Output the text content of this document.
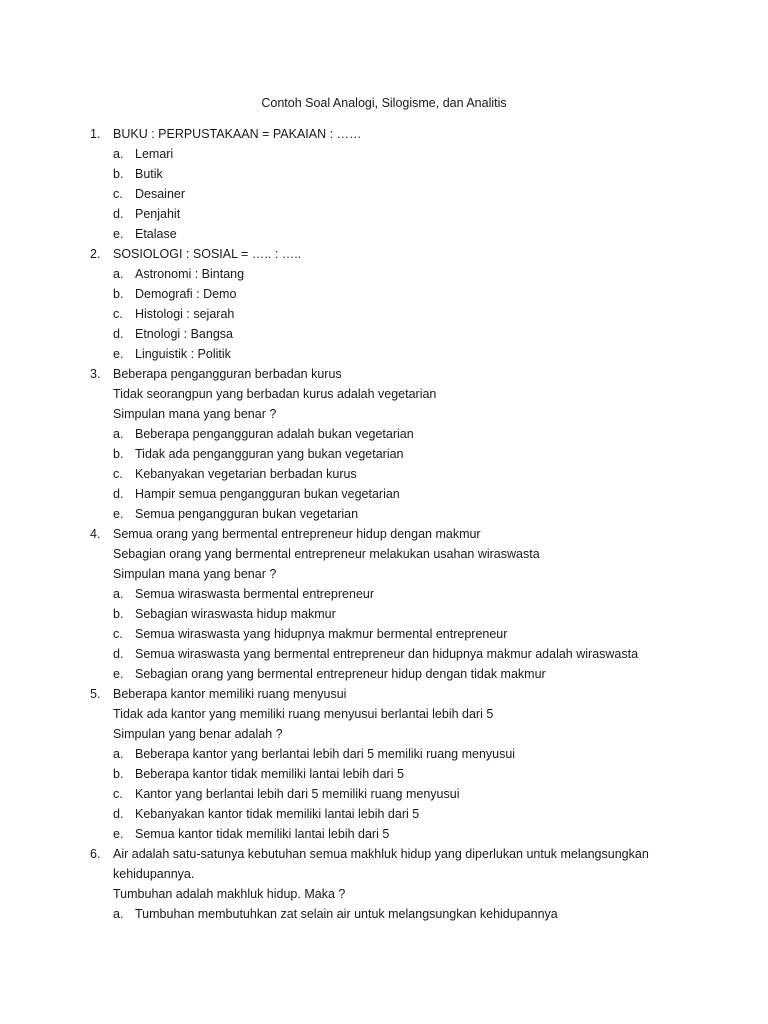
Contoh Soal Analogi, Silogisme, dan Analitis
1.	BUKU : PERPUSTAKAAN = PAKAIAN : ……
a. Lemari
b. Butik
c. Desainer
d. Penjahit
e. Etalase
2.	SOSIOLOGI : SOSIAL = ….. : …..
a. Astronomi : Bintang
b. Demografi : Demo
c. Histologi : sejarah
d. Etnologi : Bangsa
e. Linguistik : Politik
3.	Beberapa pengangguran berbadan kurus
Tidak seorangpun yang berbadan kurus adalah vegetarian
Simpulan mana yang benar ?
a. Beberapa pengangguran adalah bukan vegetarian
b. Tidak ada pengangguran yang bukan vegetarian
c. Kebanyakan vegetarian berbadan kurus
d. Hampir semua pengangguran bukan vegetarian
e. Semua pengangguran bukan vegetarian
4.	Semua orang yang bermental entrepreneur hidup dengan makmur
Sebagian orang yang bermental entrepreneur melakukan usahan wiraswasta
Simpulan mana yang benar ?
a. Semua wiraswasta bermental entrepreneur
b. Sebagian wiraswasta hidup makmur
c. Semua wiraswasta yang hidupnya makmur bermental entrepreneur
d. Semua wiraswasta yang bermental entrepreneur dan hidupnya makmur adalah wiraswasta
e. Sebagian orang yang bermental entrepreneur hidup dengan tidak makmur
5.	Beberapa kantor memiliki ruang menyusui
Tidak ada kantor yang memiliki ruang menyusui berlantai lebih dari 5
Simpulan yang benar adalah ?
a. Beberapa kantor yang berlantai lebih dari 5 memiliki ruang menyusui
b. Beberapa kantor tidak memiliki lantai lebih dari 5
c. Kantor yang berlantai lebih dari 5 memiliki ruang menyusui
d. Kebanyakan kantor tidak memiliki lantai lebih dari 5
e. Semua kantor tidak memiliki lantai lebih dari 5
6.	Air adalah satu-satunya kebutuhan semua makhluk hidup yang diperlukan untuk melangsungkan
kehidupannya.
Tumbuhan adalah makhluk hidup. Maka ?
a. Tumbuhan membutuhkan zat selain air untuk melangsungkan kehidupannya
